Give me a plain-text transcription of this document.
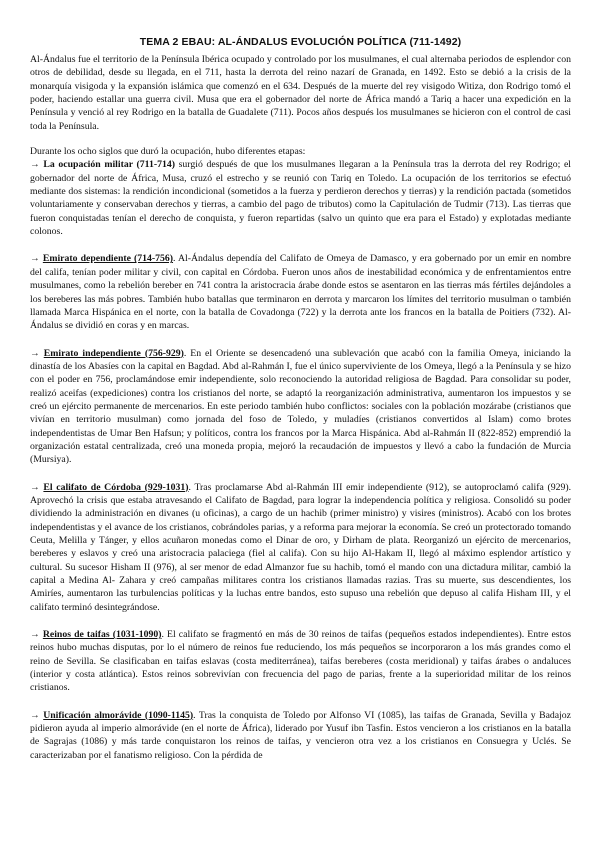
TEMA 2 EBAU: AL-ÁNDALUS EVOLUCIÓN POLÍTICA (711-1492)

Al-Ándalus fue el territorio de la Península Ibérica ocupado y controlado por los musulmanes, el cual alternaba periodos de esplendor con otros de debilidad, desde su llegada, en el 711, hasta la derrota del reino nazarí de Granada, en 1492. Esto se debió a la crisis de la monarquía visigoda y la expansión islámica que comenzó en el 634. Después de la muerte del rey visigodo Witiza, don Rodrigo tomó el poder, haciendo estallar una guerra civil. Musa que era el gobernador del norte de África mandó a Tariq a hacer una expedición en la Península y venció al rey Rodrigo en la batalla de Guadalete (711). Pocos años después los musulmanes se hicieron con el control de casi toda la Península.

Durante los ocho siglos que duró la ocupación, hubo diferentes etapas:

→ La ocupación militar (711-714) surgió después de que los musulmanes llegaran a la Península tras la derrota del rey Rodrigo; el gobernador del norte de África, Musa, cruzó el estrecho y se reunió con Tariq en Toledo. La ocupación de los territorios se efectuó mediante dos sistemas: la rendición incondicional (sometidos a la fuerza y perdieron derechos y tierras) y la rendición pactada (sometidos voluntariamente y conservaban derechos y tierras, a cambio del pago de tributos) como la Capitulación de Tudmir (713). Las tierras que fueron conquistadas tenían el derecho de conquista, y fueron repartidas (salvo un quinto que era para el Estado) y explotadas mediante colonos.

→ Emirato dependiente (714-756). Al-Ándalus dependía del Califato de Omeya de Damasco, y era gobernado por un emir en nombre del califa, tenían poder militar y civil, con capital en Córdoba. Fueron unos años de inestabilidad económica y de enfrentamientos entre musulmanes, como la rebelión bereber en 741 contra la aristocracia árabe donde estos se asentaron en las tierras más fértiles dejándoles a los bereberes las más pobres. También hubo batallas que terminaron en derrota y marcaron los límites del territorio musulman o también llamada Marca Hispánica en el norte, con la batalla de Covadonga (722) y la derrota ante los francos en la batalla de Poitiers (732). Al-Ándalus se dividió en coras y en marcas.

→ Emirato independiente (756-929). En el Oriente se desencadenó una sublevación que acabó con la familia Omeya, iniciando la dinastía de los Abasíes con la capital en Bagdad. Abd al-Rahmán I, fue el único superviviente de los Omeya, llegó a la Península y se hizo con el poder en 756, proclamándose emir independiente, solo reconociendo la autoridad religiosa de Bagdad. Para consolidar su poder, realizó aceifas (expediciones) contra los cristianos del norte, se adaptó la reorganización administrativa, aumentaron los impuestos y se creó un ejército permanente de mercenarios. En este periodo también hubo conflictos: sociales con la población mozárabe (cristianos que vivían en territorio musulman) como jornada del foso de Toledo, y muladíes (cristianos convertidos al Islam) como brotes independentistas de Umar Ben Hafsun; y políticos, contra los francos por la Marca Hispánica. Abd al-Rahmán II (822-852) emprendió la organización estatal centralizada, creó una moneda propia, mejoró la recaudación de impuestos y llevó a cabo la fundación de Murcia (Mursiya).

→ El califato de Córdoba (929-1031). Tras proclamarse Abd al-Rahmán III emir independiente (912), se autoproclamó califa (929). Aprovechó la crisis que estaba atravesando el Califato de Bagdad, para lograr la independencia política y religiosa. Consolidó su poder dividiendo la administración en divanes (u oficinas), a cargo de un hachib (primer ministro) y visires (ministros). Acabó con los brotes independentistas y el avance de los cristianos, cobrándoles parias, y a reforma para mejorar la economía. Se creó un protectorado tomando Ceuta, Melilla y Tánger, y ellos acuñaron monedas como el Dinar de oro, y Dirham de plata. Reorganizó un ejército de mercenarios, bereberes y eslavos y creó una aristocracia palaciega (fiel al califa). Con su hijo Al-Hakam II, llegó al máximo esplendor artístico y cultural. Su sucesor Hisham II (976), al ser menor de edad Almanzor fue su hachib, tomó el mando con una dictadura militar, cambió la capital a Medina Al- Zahara y creó campañas militares contra los cristianos llamadas razias. Tras su muerte, sus descendientes, los Amiríes, aumentaron las turbulencias políticas y la luchas entre bandos, esto supuso una rebelión que depuso al califa Hisham III, y el califato terminó desintegrándose.

→ Reinos de taifas (1031-1090). El califato se fragmentó en más de 30 reinos de taifas (pequeños estados independientes). Entre estos reinos hubo muchas disputas, por lo el número de reinos fue reduciendo, los más pequeños se incorporaron a los más grandes como el reino de Sevilla. Se clasificaban en taifas eslavas (costa mediterránea), taifas bereberes (costa meridional) y taifas árabes o andaluces (interior y costa atlántica). Estos reinos sobrevivían con frecuencia del pago de parias, frente a la superioridad militar de los reinos cristianos.

→ Unificación almorávide (1090-1145). Tras la conquista de Toledo por Alfonso VI (1085), las taifas de Granada, Sevilla y Badajoz pidieron ayuda al imperio almorávide (en el norte de África), liderado por Yusuf ibn Tasfin. Estos vencieron a los cristianos en la batalla de Sagrajas (1086) y más tarde conquistaron los reinos de taifas, y vencieron otra vez a los cristianos en Consuegra y Uclés. Se caracterizaban por el fanatismo religioso. Con la pérdida de
